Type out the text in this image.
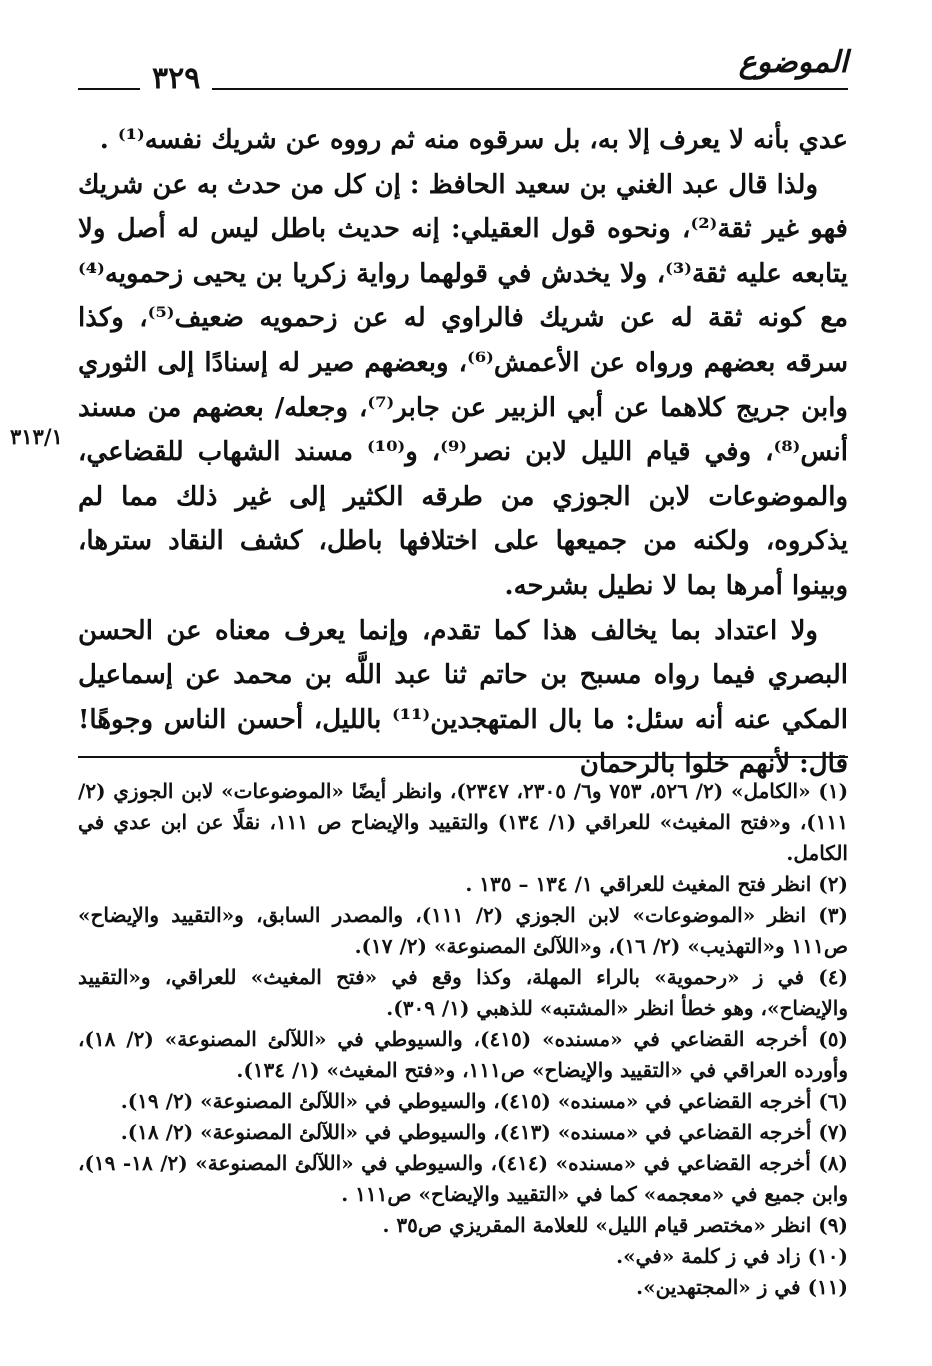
الموضوع
٣٢٩
٣١٣/١

عدي بأنه لا يعرف إلا به، بل سرقوه منه ثم رووه عن شريك نفسه⁽¹⁾ .

ولذا قال عبد الغني بن سعيد الحافظ : إن كل من حدث به عن شريك فهو غير ثقة⁽²⁾، ونحوه قول العقيلي: إنه حديث باطل ليس له أصل ولا يتابعه عليه ثقة⁽³⁾، ولا يخدش في قولهما رواية زكريا بن يحيى زحمويه⁽⁴⁾ مع كونه ثقة له عن شريك فالراوي له عن زحمويه ضعيف⁽⁵⁾، وكذا سرقه بعضهم ورواه عن الأعمش⁽⁶⁾، وبعضهم صير له إسنادًا إلى الثوري وابن جريج كلاهما عن أبي الزبير عن جابر⁽⁷⁾، وجعله/ بعضهم من مسند أنس⁽⁸⁾، وفي قيام الليل لابن نصر⁽⁹⁾، و⁽¹⁰⁾ مسند الشهاب للقضاعي، والموضوعات لابن الجوزي من طرقه الكثير إلى غير ذلك مما لم يذكروه، ولكنه من جميعها على اختلافها باطل، كشف النقاد سترها، وبينوا أمرها بما لا نطيل بشرحه.

ولا اعتداد بما يخالف هذا كما تقدم، وإنما يعرف معناه عن الحسن البصري فيما رواه مسبح بن حاتم ثنا عبد اللَّه بن محمد عن إسماعيل المكي عنه أنه سئل: ما بال المتهجدين⁽¹¹⁾ بالليل، أحسن الناس وجوهًا! قال: لأنهم خلوا بالرحمان

(١) «الكامل» (٢/ ٥٢٦، ٧٥٣ و٦/ ٢٣٠٥، ٢٣٤٧)، وانظر أيضًا «الموضوعات» لابن الجوزي (٢/ ١١١)، و«فتح المغيث» للعراقي (١/ ١٣٤) والتقييد والإيضاح ص ١١١، نقلًا عن ابن عدي في الكامل.

(٢) انظر فتح المغيث للعراقي ١/ ١٣٤ – ١٣٥ .

(٣) انظر «الموضوعات» لابن الجوزي (٢/ ١١١)، والمصدر السابق، و«التقييد والإيضاح» ص١١١ و«التهذيب» (٢/ ١٦)، و«اللآلئ المصنوعة» (٢/ ١٧).

(٤) في ز «رحموية» بالراء المهلة، وكذا وقع في «فتح المغيث» للعراقي، و«التقييد والإيضاح»، وهو خطأ انظر «المشتبه» للذهبي (١/ ٣٠٩).

(٥) أخرجه القضاعي في «مسنده» (٤١٥)، والسيوطي في «اللآلئ المصنوعة» (٢/ ١٨)، وأورده العراقي في «التقييد والإيضاح» ص١١١، و«فتح المغيث» (١/ ١٣٤).

(٦) أخرجه القضاعي في «مسنده» (٤١٥)، والسيوطي في «اللآلئ المصنوعة» (٢/ ١٩).

(٧) أخرجه القضاعي في «مسنده» (٤١٣)، والسيوطي في «اللآلئ المصنوعة» (٢/ ١٨).

(٨) أخرجه القضاعي في «مسنده» (٤١٤)، والسيوطي في «اللآلئ المصنوعة» (٢/ ١٨- ١٩)، وابن جميع في «معجمه» كما في «التقييد والإيضاح» ص١١١ .

(٩) انظر «مختصر قيام الليل» للعلامة المقريزي ص٣٥ .

(١٠) زاد في ز كلمة «في».

(١١) في ز «المجتهدين».
